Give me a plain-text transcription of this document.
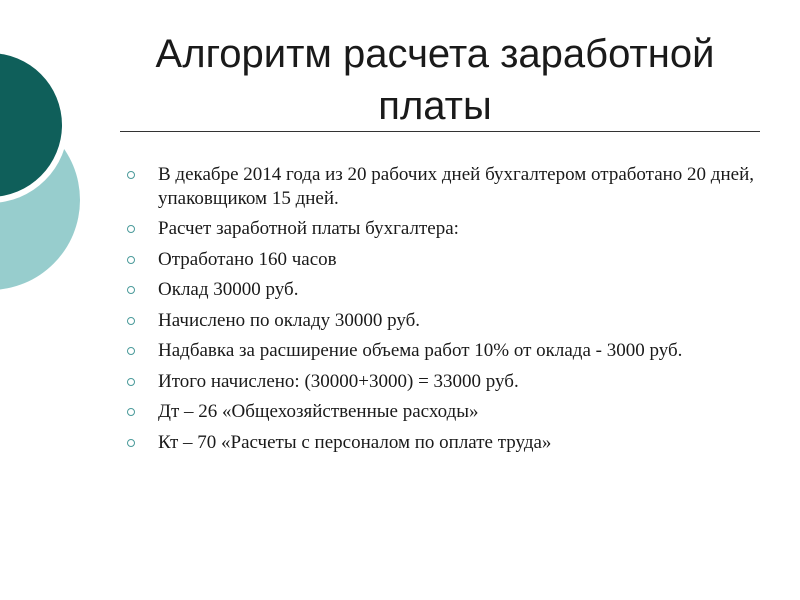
Алгоритм расчета заработной платы
В декабре 2014 года из 20 рабочих дней бухгалтером отработано 20 дней, упаковщиком 15 дней.
Расчет заработной платы бухгалтера:
Отработано 160 часов
Оклад 30000 руб.
Начислено по окладу 30000 руб.
Надбавка за расширение объема работ 10% от оклада - 3000 руб.
Итого начислено: (30000+3000) = 33000 руб.
Дт – 26 «Общехозяйственные расходы»
Кт – 70 «Расчеты с персоналом по оплате труда»
